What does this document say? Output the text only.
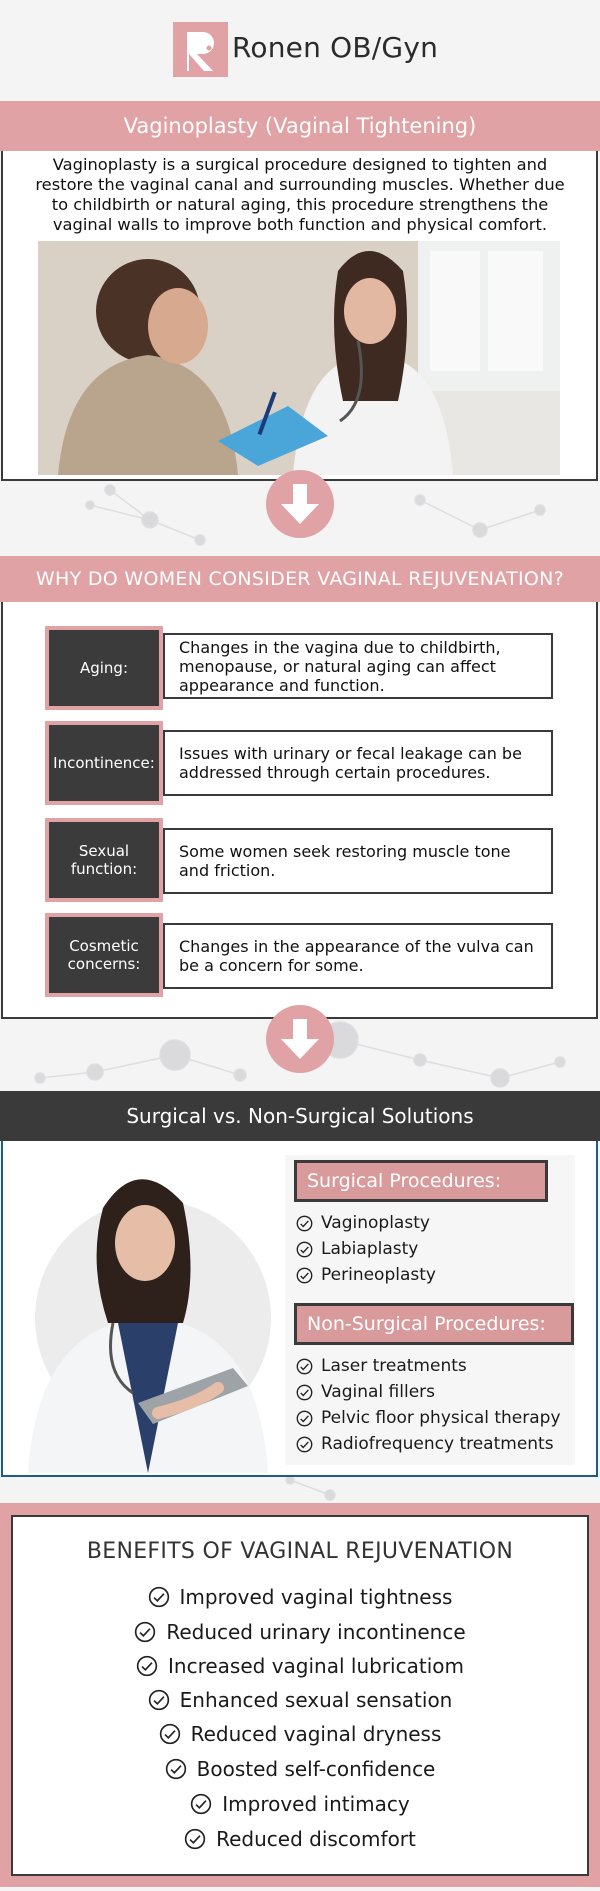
Ronen OB/Gyn
Vaginoplasty (Vaginal Tightening)
Vaginoplasty is a surgical procedure designed to tighten and restore the vaginal canal and surrounding muscles. Whether due to childbirth or natural aging, this procedure strengthens the vaginal walls to improve both function and physical comfort.
WHY DO WOMEN CONSIDER VAGINAL REJUVENATION?
Aging:
Changes in the vagina due to childbirth, menopause, or natural aging can affect appearance and function.
Incontinence:	Issues with urinary or fecal leakage can be addressed through certain procedures.
Sexual function:
Some women seek restoring muscle tone and friction.
Cosmetic concerns:
Changes in the appearance of the vulva can be a concern for some.
Surgical vs. Non-Surgical Solutions
Surgical Procedures:
Vaginoplasty
Labiaplasty
Perineoplasty
Non-Surgical Procedures:
Laser treatments
Vaginal fillers
Pelvic floor physical therapy
Radiofrequency treatments
BENEFITS OF VAGINAL REJUVENATION
Improved vaginal tightness
Reduced urinary incontinence
Increased vaginal lubricatiom
Enhanced sexual sensation
Reduced vaginal dryness
Boosted self-confidence
Improved intimacy
Reduced discomfort
